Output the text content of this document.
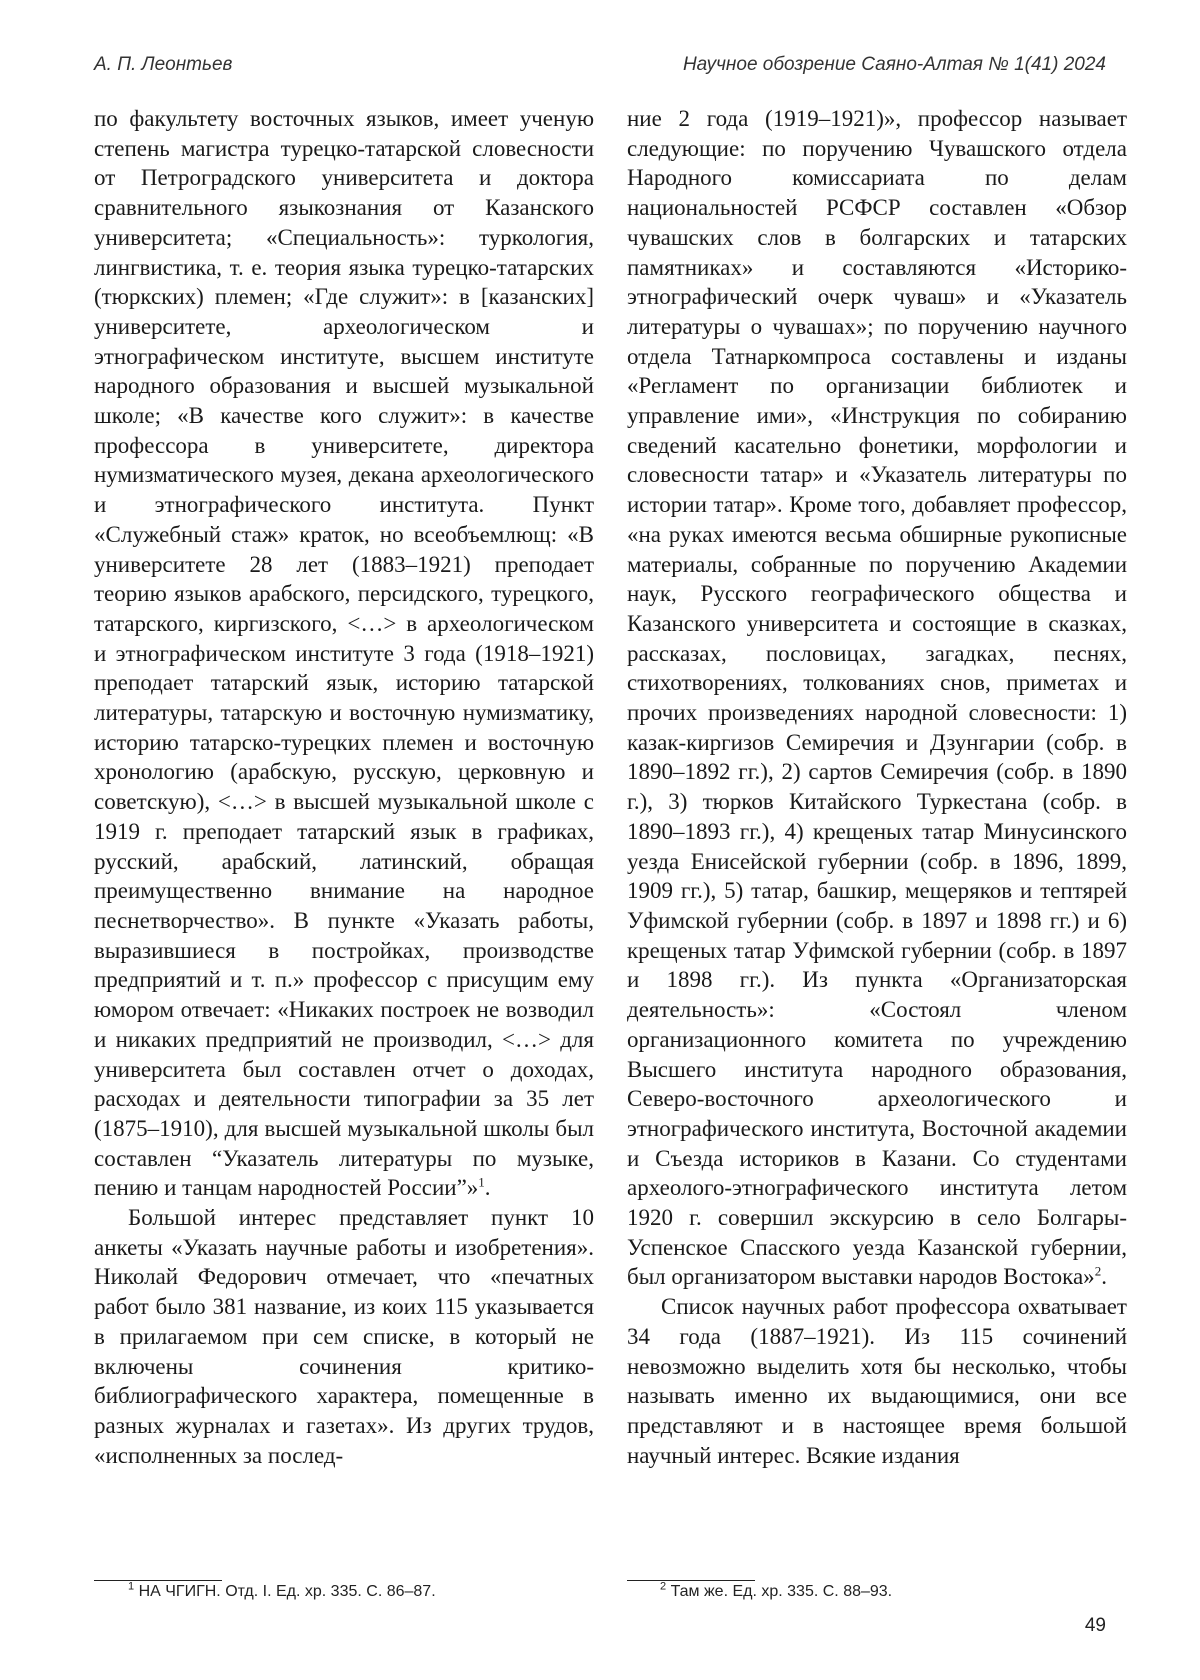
А. П. Леонтьев	Научное обозрение Саяно-Алтая № 1(41) 2024

по факультету восточных языков, имеет ученую степень магистра турецко-татарской словесности от Петроградского университета и доктора сравнительного языкознания от Казанского университета; «Специальность»: туркология, лингвистика, т. е. теория языка турецко-татарских (тюркских) племен; «Где служит»: в [казанских] университете, археологическом и этнографическом институте, высшем институте народного образования и высшей музыкальной школе; «В качестве кого служит»: в качестве профессора в университете, директора нумизматического музея, декана археологического и этнографического института. Пункт «Служебный стаж» краток, но всеобъемлющ: «В университете 28 лет (1883–1921) преподает теорию языков арабского, персидского, турецкого, татарского, киргизского, <…> в археологическом и этнографическом институте 3 года (1918–1921) преподает татарский язык, историю татарской литературы, татарскую и восточную нумизматику, историю татарско-турецких племен и восточную хронологию (арабскую, русскую, церковную и советскую), <…> в высшей музыкальной школе с 1919 г. преподает татарский язык в графиках, русский, арабский, латинский, обращая преимущественно внимание на народное песнетворчество». В пункте «Указать работы, выразившиеся в постройках, производстве предприятий и т. п.» профессор с присущим ему юмором отвечает: «Никаких построек не возводил и никаких предприятий не производил, <…> для университета был составлен отчет о доходах, расходах и деятельности типографии за 35 лет (1875–1910), для высшей музыкальной школы был составлен “Указатель литературы по музыке, пению и танцам народностей России”»$^1$.

Большой интерес представляет пункт 10 анкеты «Указать научные работы и изобретения». Николай Федорович отмечает, что «печатных работ было 381 название, из коих 115 указывается в прилагаемом при сем списке, в который не включены сочинения критико-библиографического характера, помещенные в разных журналах и газетах». Из других трудов, «исполненных за послед-

ние 2 года (1919–1921)», профессор называет следующие: по поручению Чувашского отдела Народного комиссариата по делам национальностей РСФСР составлен «Обзор чувашских слов в болгарских и татарских памятниках» и составляются «Историко-этнографический очерк чуваш» и «Указатель литературы о чувашах»; по поручению научного отдела Татнаркомпроса составлены и изданы «Регламент по организации библиотек и управление ими», «Инструкция по собиранию сведений касательно фонетики, морфологии и словесности татар» и «Указатель литературы по истории татар». Кроме того, добавляет профессор, «на руках имеются весьма обширные рукописные материалы, собранные по поручению Академии наук, Русского географического общества и Казанского университета и состоящие в сказках, рассказах, пословицах, загадках, песнях, стихотворениях, толкованиях снов, приметах и прочих произведениях народной словесности: 1) казак-киргизов Семиречия и Дзунгарии (собр. в 1890–1892 гг.), 2) сартов Семиречия (собр. в 1890 г.), 3) тюрков Китайского Туркестана (собр. в 1890–1893 гг.), 4) крещеных татар Минусинского уезда Енисейской губернии (собр. в 1896, 1899, 1909 гг.), 5) татар, башкир, мещеряков и тептярей Уфимской губернии (собр. в 1897 и 1898 гг.) и 6) крещеных татар Уфимской губернии (собр. в 1897 и 1898 гг.). Из пункта «Организаторская деятельность»: «Состоял членом организационного комитета по учреждению Высшего института народного образования, Северо-восточного археологического и этнографического института, Восточной академии и Съезда историков в Казани. Со студентами археолого-этнографического института летом 1920 г. совершил экскурсию в село Болгары-Успенское Спасского уезда Казанской губернии, был организатором выставки народов Востока»$^2$.

Список научных работ профессора охватывает 34 года (1887–1921). Из 115 сочинений невозможно выделить хотя бы несколько, чтобы называть именно их выдающимися, они все представляют и в настоящее время большой научный интерес. Всякие издания

$^1$ НА ЧГИГН. Отд. I. Ед. хр. 335. С. 86–87.	$^2$ Там же. Ед. хр. 335. С. 88–93.
49
